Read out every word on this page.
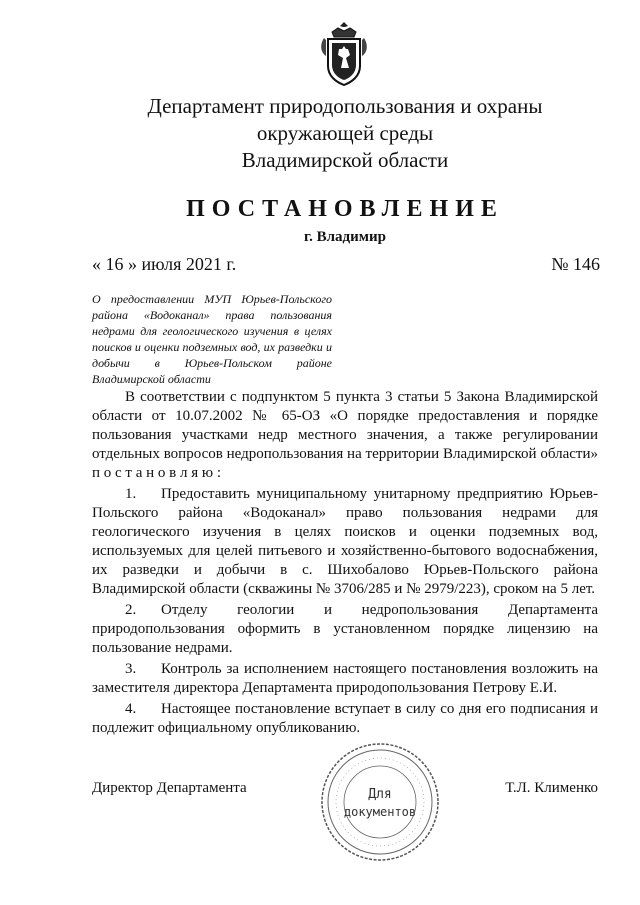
Департамент природопользования и охраны
окружающей среды
Владимирской области
ПОСТАНОВЛЕНИЕ
г. Владимир
« 16 » июля 2021 г.	№ 146
О предоставлении МУП Юрьев-Польского района «Водоканал» права пользования недрами для геологического изучения в целях поисков и оценки подземных вод, их разведки и добычи в Юрьев-Польском районе Владимирской области

В соответствии с подпунктом 5 пункта 3 статьи 5 Закона Владимирской области от 10.07.2002 № 65-ОЗ «О порядке предоставления и порядке пользования участками недр местного значения, а также регулировании отдельных вопросов недропользования на территории Владимирской области» п о с т а н о в л я ю :

1. Предоставить муниципальному унитарному предприятию Юрьев-Польского района «Водоканал» право пользования недрами для геологического изучения в целях поисков и оценки подземных вод, используемых для целей питьевого и хозяйственно-бытового водоснабжения, их разведки и добычи в с. Шихобалово Юрьев-Польского района Владимирской области (скважины № 3706/285 и № 2979/223), сроком на 5 лет.

2. Отделу геологии и недропользования Департамента природопользования оформить в установленном порядке лицензию на пользование недрами.

3. Контроль за исполнением настоящего постановления возложить на заместителя директора Департамента природопользования Петрову Е.И.

4. Настоящее постановление вступает в силу со дня его подписания и подлежит официальному опубликованию.

Директор Департамента	Т.Л. Клименко
Для
документов
